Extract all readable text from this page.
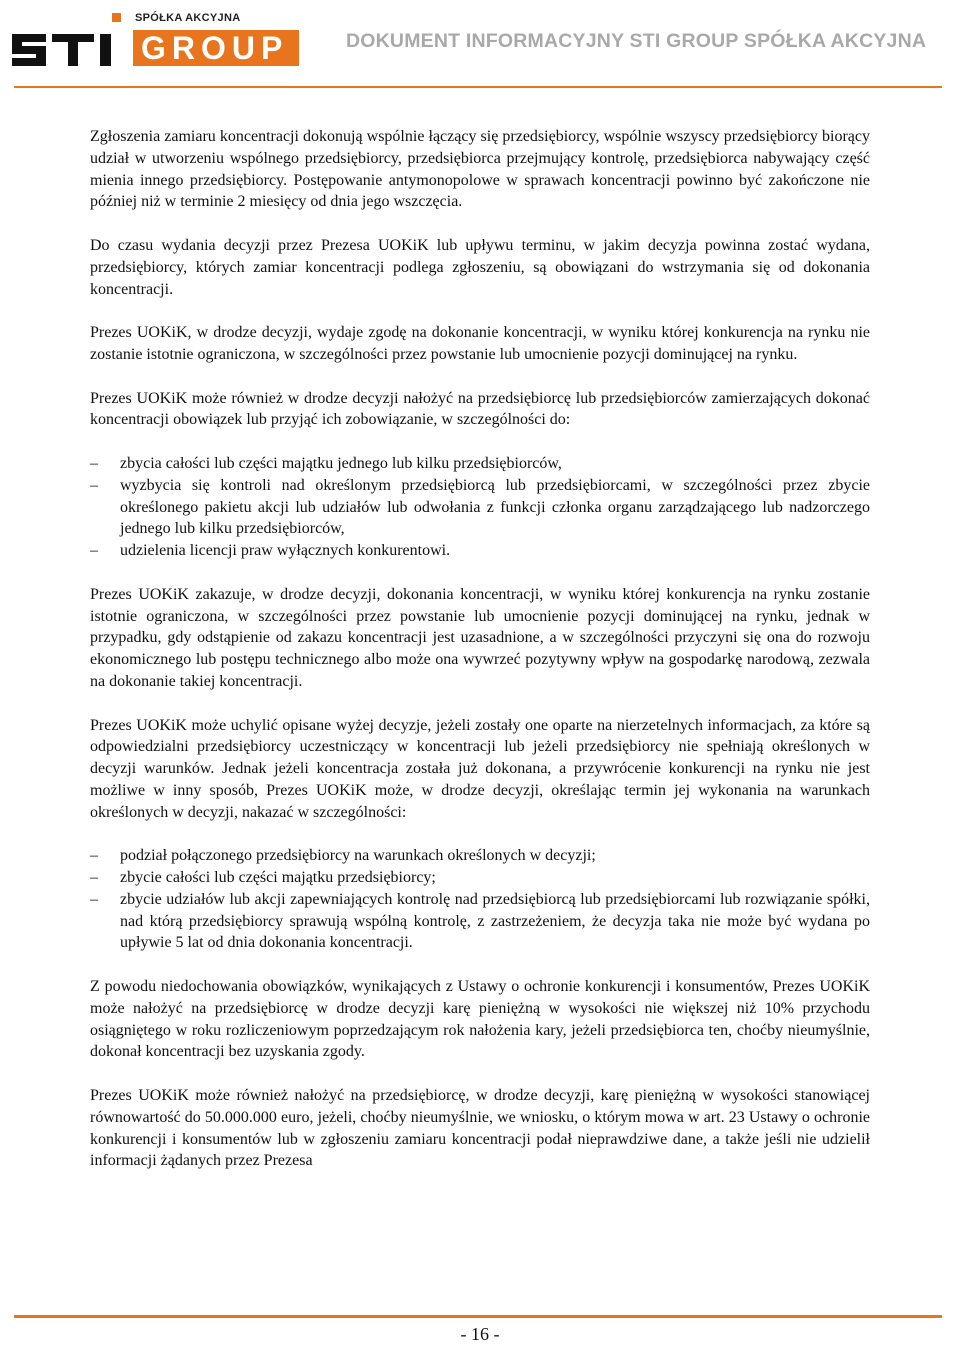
SPÓŁKA AKCYJNA
GROUP	DOKUMENT INFORMACYJNY STI GROUP SPÓŁKA AKCYJNA

Zgłoszenia zamiaru koncentracji dokonują wspólnie łączący się przedsiębiorcy, wspólnie wszyscy przedsiębiorcy biorący udział w utworzeniu wspólnego przedsiębiorcy, przedsiębiorca przejmujący kontrolę, przedsiębiorca nabywający część mienia innego przedsiębiorcy. Postępowanie antymonopolowe w sprawach koncentracji powinno być zakończone nie później niż w terminie 2 miesięcy od dnia jego wszczęcia.

Do czasu wydania decyzji przez Prezesa UOKiK lub upływu terminu, w jakim decyzja powinna zostać wydana, przedsiębiorcy, których zamiar koncentracji podlega zgłoszeniu, są obowiązani do wstrzymania się od dokonania koncentracji.

Prezes UOKiK, w drodze decyzji, wydaje zgodę na dokonanie koncentracji, w wyniku której konkurencja na rynku nie zostanie istotnie ograniczona, w szczególności przez powstanie lub umocnienie pozycji dominującej na rynku.

Prezes UOKiK może również w drodze decyzji nałożyć na przedsiębiorcę lub przedsiębiorców zamierzających dokonać koncentracji obowiązek lub przyjąć ich zobowiązanie, w szczególności do:

– zbycia całości lub części majątku jednego lub kilku przedsiębiorców,
– wyzbycia się kontroli nad określonym przedsiębiorcą lub przedsiębiorcami, w szczególności przez zbycie określonego pakietu akcji lub udziałów lub odwołania z funkcji członka organu zarządzającego lub nadzorczego jednego lub kilku przedsiębiorców,
– udzielenia licencji praw wyłącznych konkurentowi.

Prezes UOKiK zakazuje, w drodze decyzji, dokonania koncentracji, w wyniku której konkurencja na rynku zostanie istotnie ograniczona, w szczególności przez powstanie lub umocnienie pozycji dominującej na rynku, jednak w przypadku, gdy odstąpienie od zakazu koncentracji jest uzasadnione, a w szczególności przyczyni się ona do rozwoju ekonomicznego lub postępu technicznego albo może ona wywrzeć pozytywny wpływ na gospodarkę narodową, zezwala na dokonanie takiej koncentracji.

Prezes UOKiK może uchylić opisane wyżej decyzje, jeżeli zostały one oparte na nierzetelnych informacjach, za które są odpowiedzialni przedsiębiorcy uczestniczący w koncentracji lub jeżeli przedsiębiorcy nie spełniają określonych w decyzji warunków. Jednak jeżeli koncentracja została już dokonana, a przywrócenie konkurencji na rynku nie jest możliwe w inny sposób, Prezes UOKiK może, w drodze decyzji, określając termin jej wykonania na warunkach określonych w decyzji, nakazać w szczególności:

– podział połączonego przedsiębiorcy na warunkach określonych w decyzji;
– zbycie całości lub części majątku przedsiębiorcy;
– zbycie udziałów lub akcji zapewniających kontrolę nad przedsiębiorcą lub przedsiębiorcami lub rozwiązanie spółki, nad którą przedsiębiorcy sprawują wspólną kontrolę, z zastrzeżeniem, że decyzja taka nie może być wydana po upływie 5 lat od dnia dokonania koncentracji.

Z powodu niedochowania obowiązków, wynikających z Ustawy o ochronie konkurencji i konsumentów, Prezes UOKiK może nałożyć na przedsiębiorcę w drodze decyzji karę pieniężną w wysokości nie większej niż 10% przychodu osiągniętego w roku rozliczeniowym poprzedzającym rok nałożenia kary, jeżeli przedsiębiorca ten, choćby nieumyślnie, dokonał koncentracji bez uzyskania zgody.

Prezes UOKiK może również nałożyć na przedsiębiorcę, w drodze decyzji, karę pieniężną w wysokości stanowiącej równowartość do 50.000.000 euro, jeżeli, choćby nieumyślnie, we wniosku, o którym mowa w art. 23 Ustawy o ochronie konkurencji i konsumentów lub w zgłoszeniu zamiaru koncentracji podał nieprawdziwe dane, a także jeśli nie udzielił informacji żądanych przez Prezesa

- 16 -
